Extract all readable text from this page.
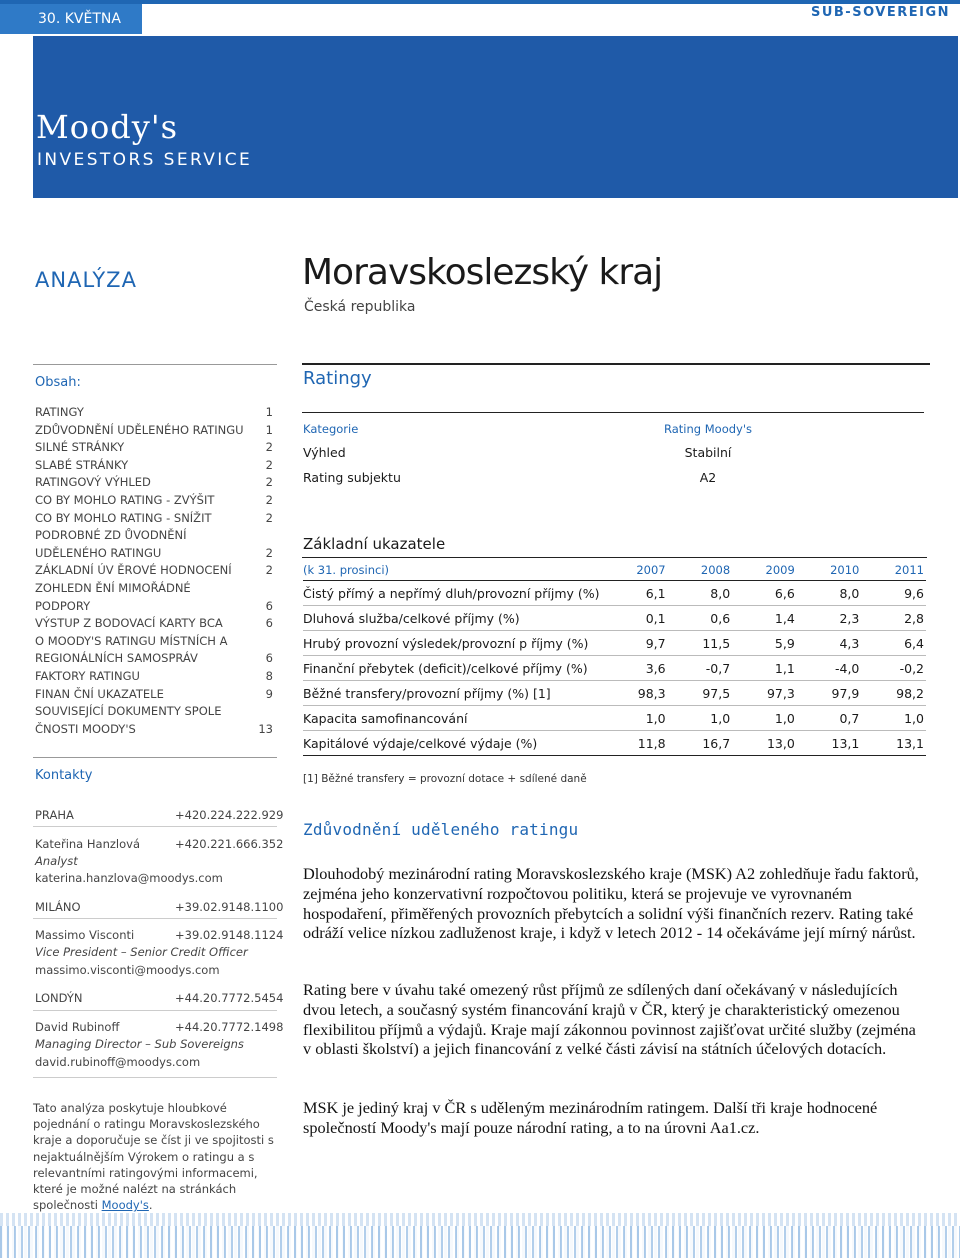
30. KVĚTNA	SUB-SOVEREIGN
Moody's
INVESTORS SERVICE
ANALÝZA	Moravskoslezský kraj
Česká republika
Obsah:
RATINGY	1
ZDŮVODNĚNÍ UDĚLENÉHO RATINGU 1
SILNÉ STRÁNKY	2
SLABÉ STRÁNKY	2
RATINGOVÝ VÝHLED	2
CO BY MOHLO RATING - ZVÝŠIT	2
CO BY MOHLO RATING - SNÍŽIT	2
PODROBNÉ ZD ŮVODNĚNÍ UDĚLENÉHO RATINGU	2
ZÁKLADNÍ ÚV ĚROVÉ HODNOCENÍ	2
ZOHLEDN ĚNÍ MIMOŘÁDNÉ PODPORY	6
VÝSTUP Z BODOVACÍ KARTY BCA	6
O MOODY'S RATINGU MÍSTNÍCH A REGIONÁLNÍCH SAMOSPRÁV	6
FAKTORY RATINGU	8
FINAN ČNÍ UKAZATELE	9
SOUVISEJÍCÍ DOKUMENTY SPOLE ČNOSTI MOODY'S	13
Kontakty
PRAHA	+420.224.222.929
Kateřina Hanzlová	+420.221.666.352
Analyst
katerina.hanzlova@moodys.com
MILÁNO	+39.02.9148.1100
Massimo Visconti	+39.02.9148.1124
Vice President – Senior Credit Officer
massimo.visconti@moodys.com
LONDÝN	+44.20.7772.5454
David Rubinoff	+44.20.7772.1498
Managing Director – Sub Sovereigns
david.rubinoff@moodys.com
Tato analýza poskytuje hloubkové pojednání o ratingu Moravskoslezského kraje a doporučuje se číst ji ve spojitosti s nejaktuálnějším Výrokem o ratingu a s relevantními ratingovými informacemi, které je možné nalézt na stránkách společnosti Moody's.
Ratingy
Kategorie	Rating Moody's
Výhled	Stabilní
Rating subjektu	A2
Základní ukazatele
(k 31. prosinci)	2007	2008	2009	2010	2011
Čistý přímý a nepřímý dluh/provozní příjmy (%)	6,1	8,0	6,6	8,0	9,6
Dluhová služba/celkové příjmy (%)	0,1	0,6	1,4	2,3	2,8
Hrubý provozní výsledek/provozní p říjmy (%)	9,7	11,5	5,9	4,3	6,4
Finanční přebytek (deficit)/celkové příjmy (%)	3,6	-0,7	1,1	-4,0	-0,2
Běžné transfery/provozní příjmy (%) [1]	98,3	97,5	97,3	97,9	98,2
Kapacita samofinancování	1,0	1,0	1,0	0,7	1,0
Kapitálové výdaje/celkové výdaje (%)	11,8	16,7	13,0	13,1	13,1
[1] Běžné transfery = provozní dotace + sdílené daně
Zdůvodnění uděleného ratingu
Dlouhodobý mezinárodní rating Moravskoslezského kraje (MSK) A2 zohledňuje řadu faktorů, zejména jeho konzervativní rozpočtovou politiku, která se projevuje ve vyrovnaném hospodaření, přiměřených provozních přebytcích a solidní výši finančních rezerv. Rating také odráží velice nízkou zadluženost kraje, i když v letech 2012 - 14 očekáváme její mírný nárůst.
Rating bere v úvahu také omezený růst příjmů ze sdílených daní očekávaný v následujících dvou letech, a současný systém financování krajů v ČR, který je charakteristický omezenou flexibilitou příjmů a výdajů. Kraje mají zákonnou povinnost zajišťovat určité služby (zejména v oblasti školství) a jejich financování z velké části závisí na státních účelových dotacích.
MSK je jediný kraj v ČR s uděleným mezinárodním ratingem. Další tři kraje hodnocené společností Moody's mají pouze národní rating, a to na úrovni Aa1.cz.
